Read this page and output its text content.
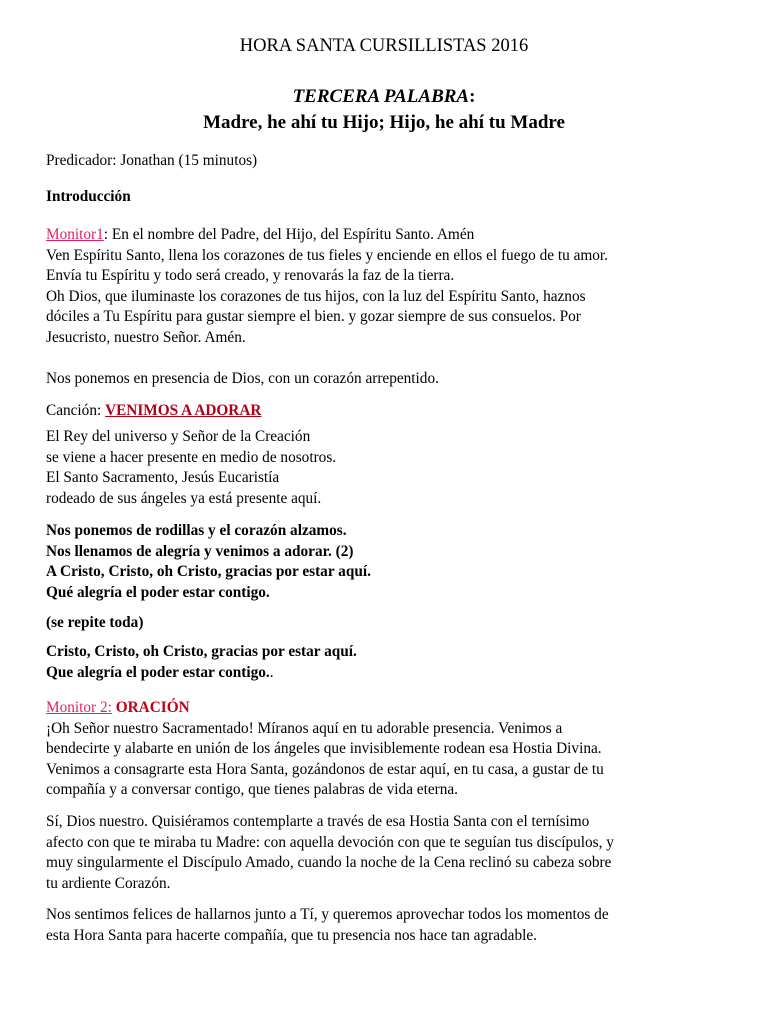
HORA SANTA CURSILLISTAS 2016
TERCERA PALABRA:
Madre, he ahí tu Hijo; Hijo, he ahí tu Madre
Predicador: Jonathan (15 minutos)
Introducción

Monitor1: En el nombre del Padre, del Hijo, del Espíritu Santo. Amén

Ven Espíritu Santo, llena los corazones de tus fieles y enciende en ellos el fuego de tu amor.

Envía tu Espíritu y todo será creado, y renovarás la faz de la tierra.

Oh Dios, que iluminaste los corazones de tus hijos, con la luz del Espíritu Santo, haznos

dóciles a Tu Espíritu para gustar siempre el bien. y gozar siempre de sus consuelos. Por

Jesucristo, nuestro Señor. Amén.

Nos ponemos en presencia de Dios, con un corazón arrepentido.
Canción: VENIMOS A ADORAR

El Rey del universo y Señor de la Creación

se viene a hacer presente en medio de nosotros.

El Santo Sacramento, Jesús Eucaristía

rodeado de sus ángeles ya está presente aquí.

Nos ponemos de rodillas y el corazón alzamos.

Nos llenamos de alegría y venimos a adorar. (2)

A Cristo, Cristo, oh Cristo, gracias por estar aquí.

Qué alegría el poder estar contigo.

(se repite toda)

Cristo, Cristo, oh Cristo, gracias por estar aquí.

Que alegría el poder estar contigo..

Monitor 2: ORACIÓN

¡Oh Señor nuestro Sacramentado! Míranos aquí en tu adorable presencia. Venimos a

bendecirte y alabarte en unión de los ángeles que invisiblemente rodean esa Hostia Divina.

Venimos a consagrarte esta Hora Santa, gozándonos de estar aquí, en tu casa, a gustar de tu

compañía y a conversar contigo, que tienes palabras de vida eterna.

Sí, Dios nuestro. Quisiéramos contemplarte a través de esa Hostia Santa con el ternísimo

afecto con que te miraba tu Madre: con aquella devoción con que te seguían tus discípulos, y

muy singularmente el Discípulo Amado, cuando la noche de la Cena reclinó su cabeza sobre

tu ardiente Corazón.

Nos sentimos felices de hallarnos junto a Tí, y queremos aprovechar todos los momentos de

esta Hora Santa para hacerte compañía, que tu presencia nos hace tan agradable.
